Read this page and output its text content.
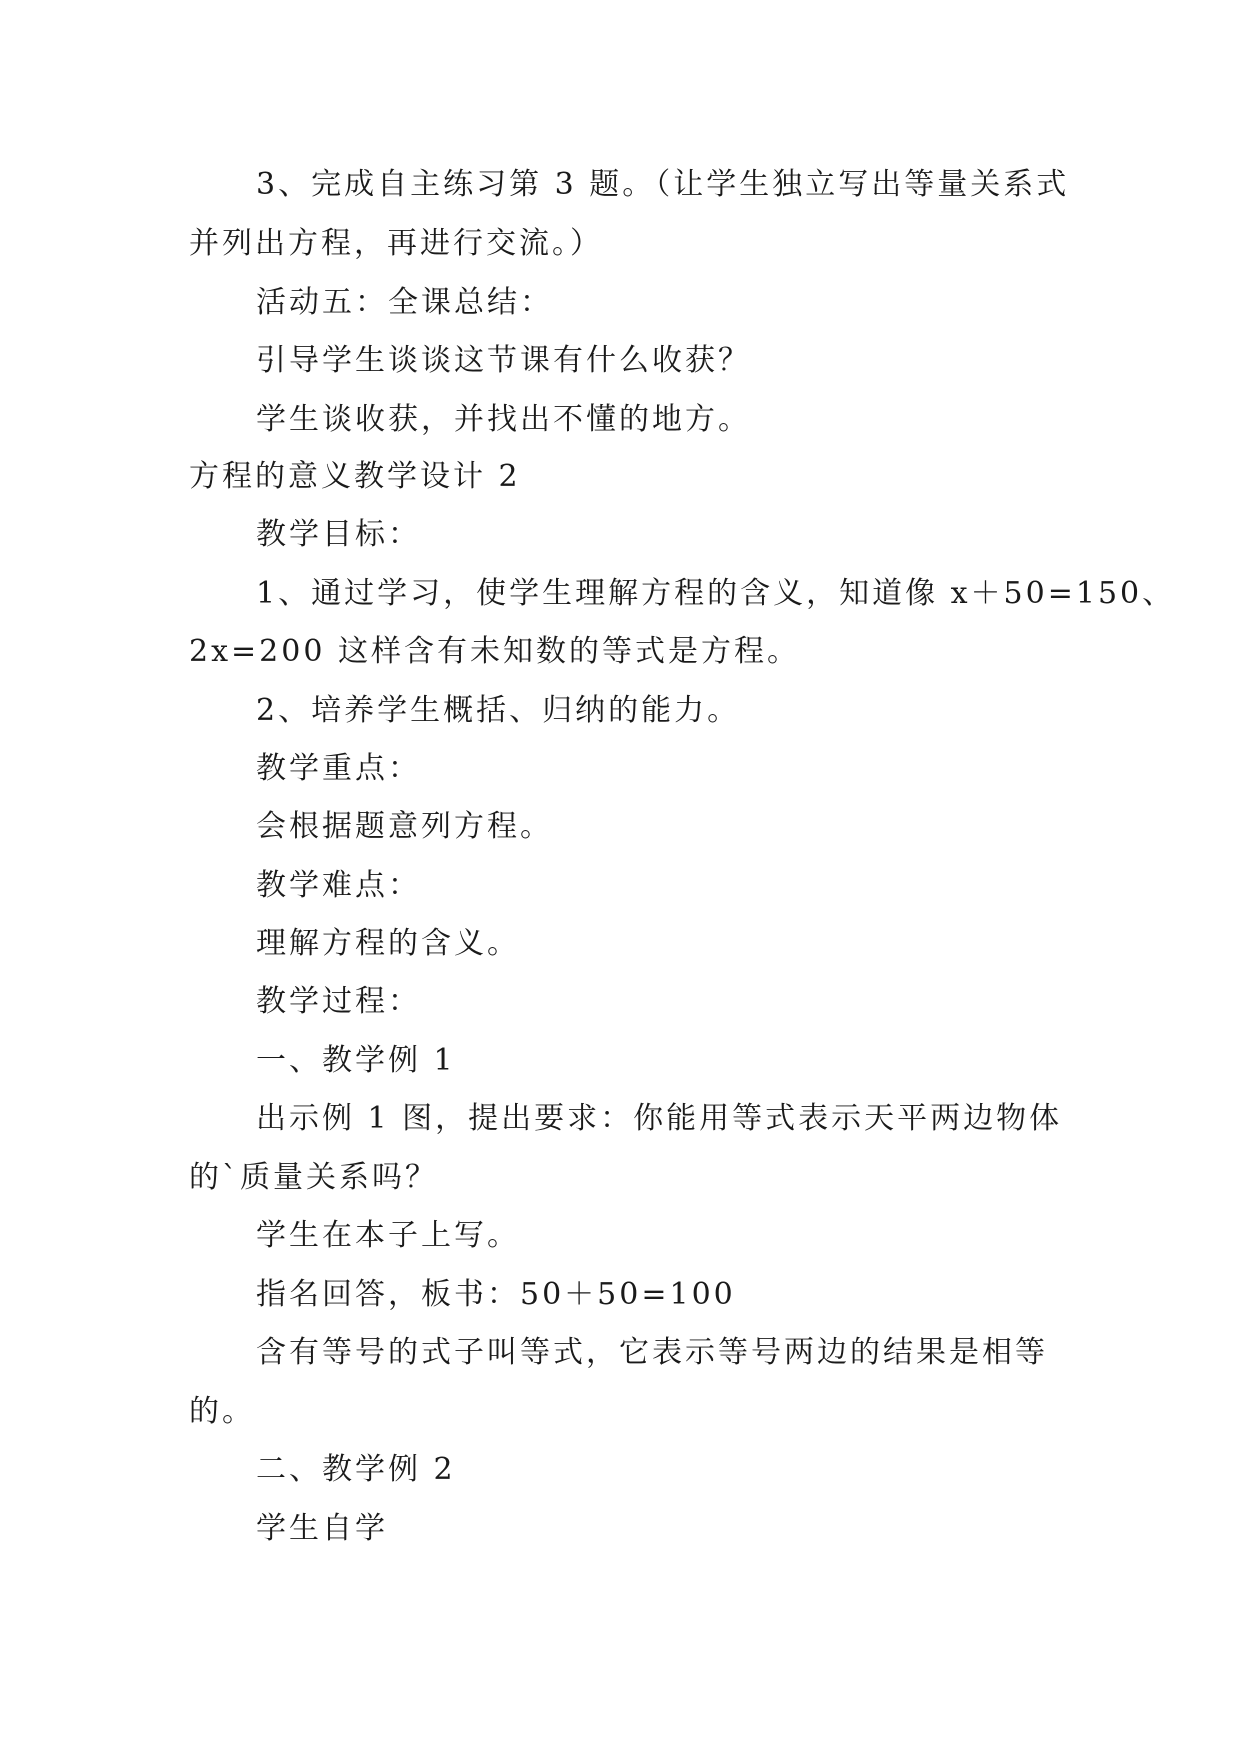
3、完成自主练习第 3 题。（让学生独立写出等量关系式
并列出方程，再进行交流。）
活动五：全课总结：
引导学生谈谈这节课有什么收获？
学生谈收获，并找出不懂的地方。
方程的意义教学设计 2
教学目标：
1、通过学习，使学生理解方程的含义，知道像 x＋50=150、
2x=200 这样含有未知数的等式是方程。
2、培养学生概括、归纳的能力。
教学重点：
会根据题意列方程。
教学难点：
理解方程的含义。
教学过程：
一、教学例 1
出示例 1 图，提出要求：你能用等式表示天平两边物体
的`质量关系吗？
学生在本子上写。
指名回答，板书：50＋50=100
含有等号的式子叫等式，它表示等号两边的结果是相等
的。
二、教学例 2
学生自学
